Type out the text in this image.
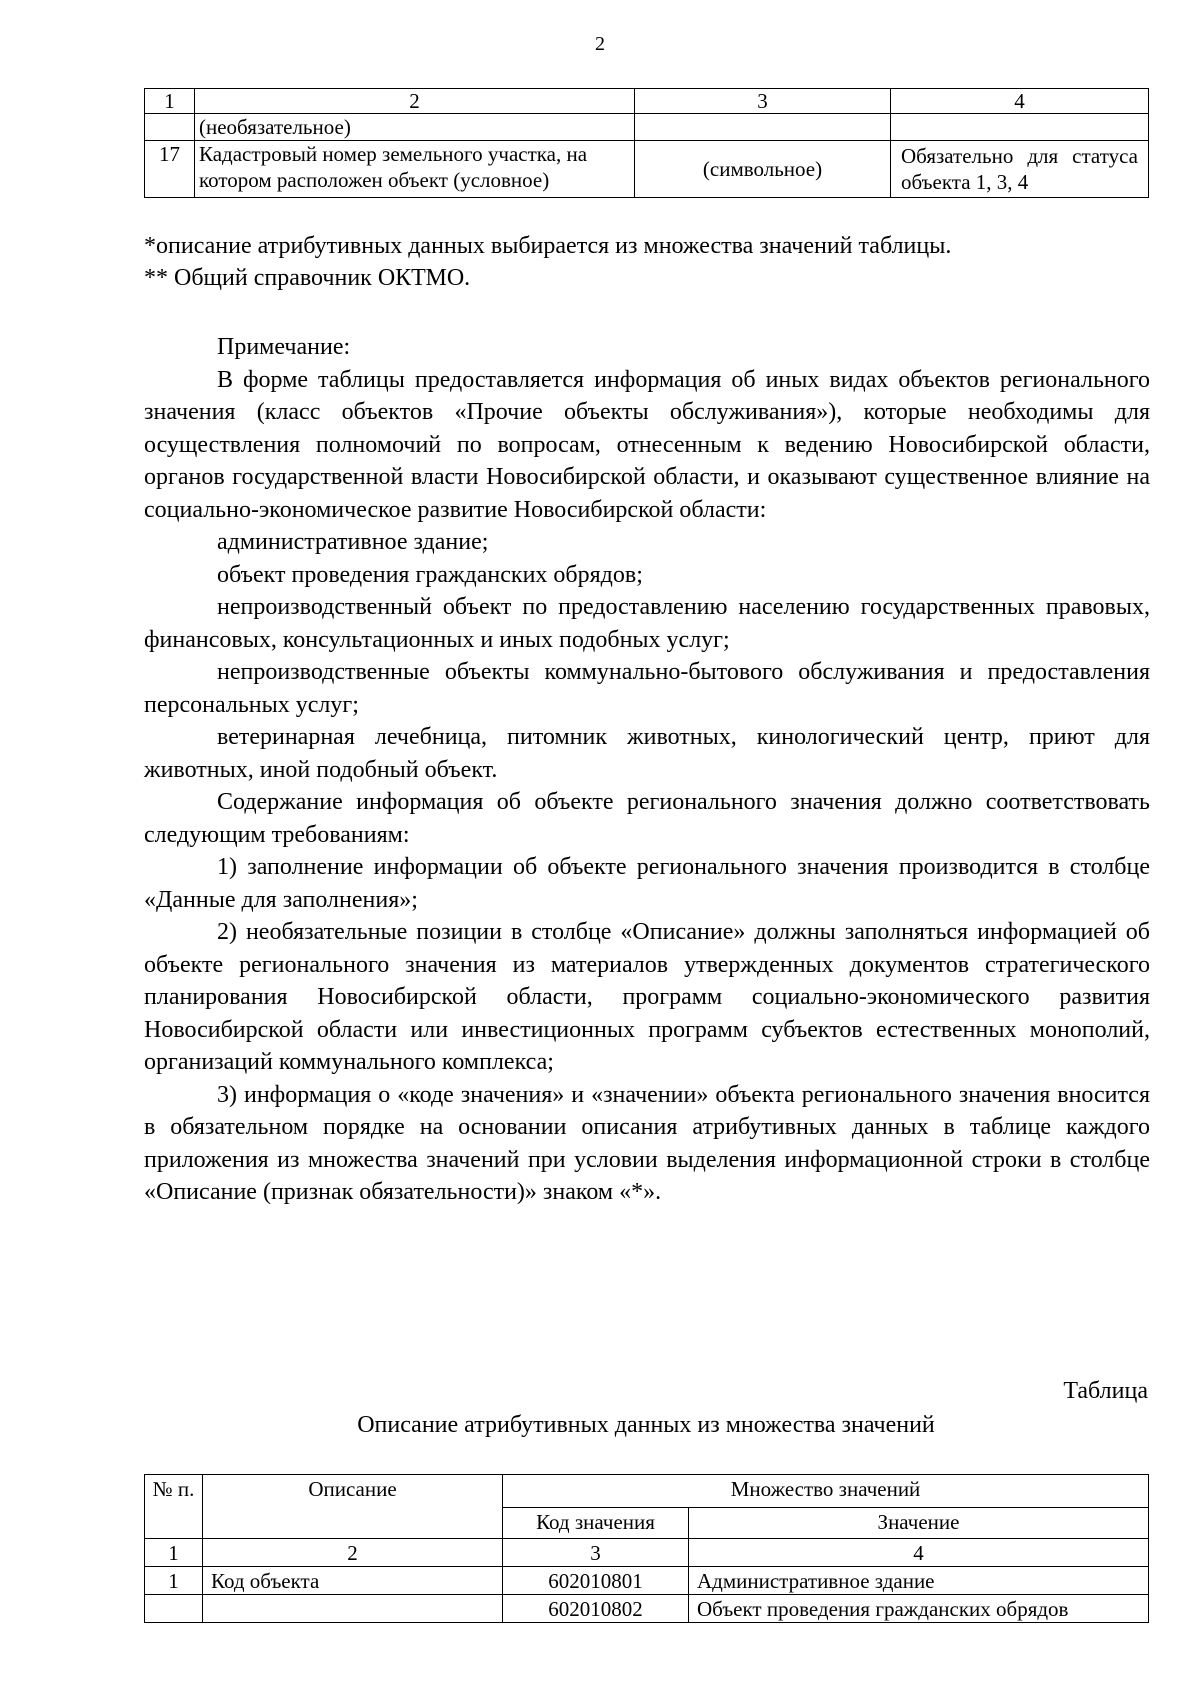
2
1	2	3	4
	(необязательное)		
17	Кадастровый номер земельного участка, на котором расположен объект (условное)	(символьное)	Обязательно для статуса объекта 1, 3, 4
*описание атрибутивных данных выбирается из множества значений таблицы.
** Общий справочник ОКТМО.

Примечание:

В форме таблицы предоставляется информация об иных видах объектов регионального значения (класс объектов «Прочие объекты обслуживания»), которые необходимы для осуществления полномочий по вопросам, отнесенным к ведению Новосибирской области, органов государственной власти Новосибирской области, и оказывают существенное влияние на социально-экономическое развитие Новосибирской области:

административное здание;

объект проведения гражданских обрядов;

непроизводственный объект по предоставлению населению государственных правовых, финансовых, консультационных и иных подобных услуг;

непроизводственные объекты коммунально-бытового обслуживания и предоставления персональных услуг;

ветеринарная лечебница, питомник животных, кинологический центр, приют для животных, иной подобный объект.

Содержание информация об объекте регионального значения должно соответствовать следующим требованиям:

1) заполнение информации об объекте регионального значения производится в столбце «Данные для заполнения»;

2) необязательные позиции в столбце «Описание» должны заполняться информацией об объекте регионального значения из материалов утвержденных документов стратегического планирования Новосибирской области, программ социально-экономического развития Новосибирской области или инвестиционных программ субъектов естественных монополий, организаций коммунального комплекса;

3) информация о «коде значения» и «значении» объекта регионального значения вносится в обязательном порядке на основании описания атрибутивных данных в таблице каждого приложения из множества значений при условии выделения информационной строки в столбце «Описание (признак обязательности)» знаком «*».

Таблица
Описание атрибутивных данных из множества значений
№ п.	Описание	Множество значений	
		Код значения	Значение
1	2	3	4
1	Код объекта	602010801	Административное здание
		602010802	Объект проведения гражданских обрядов
